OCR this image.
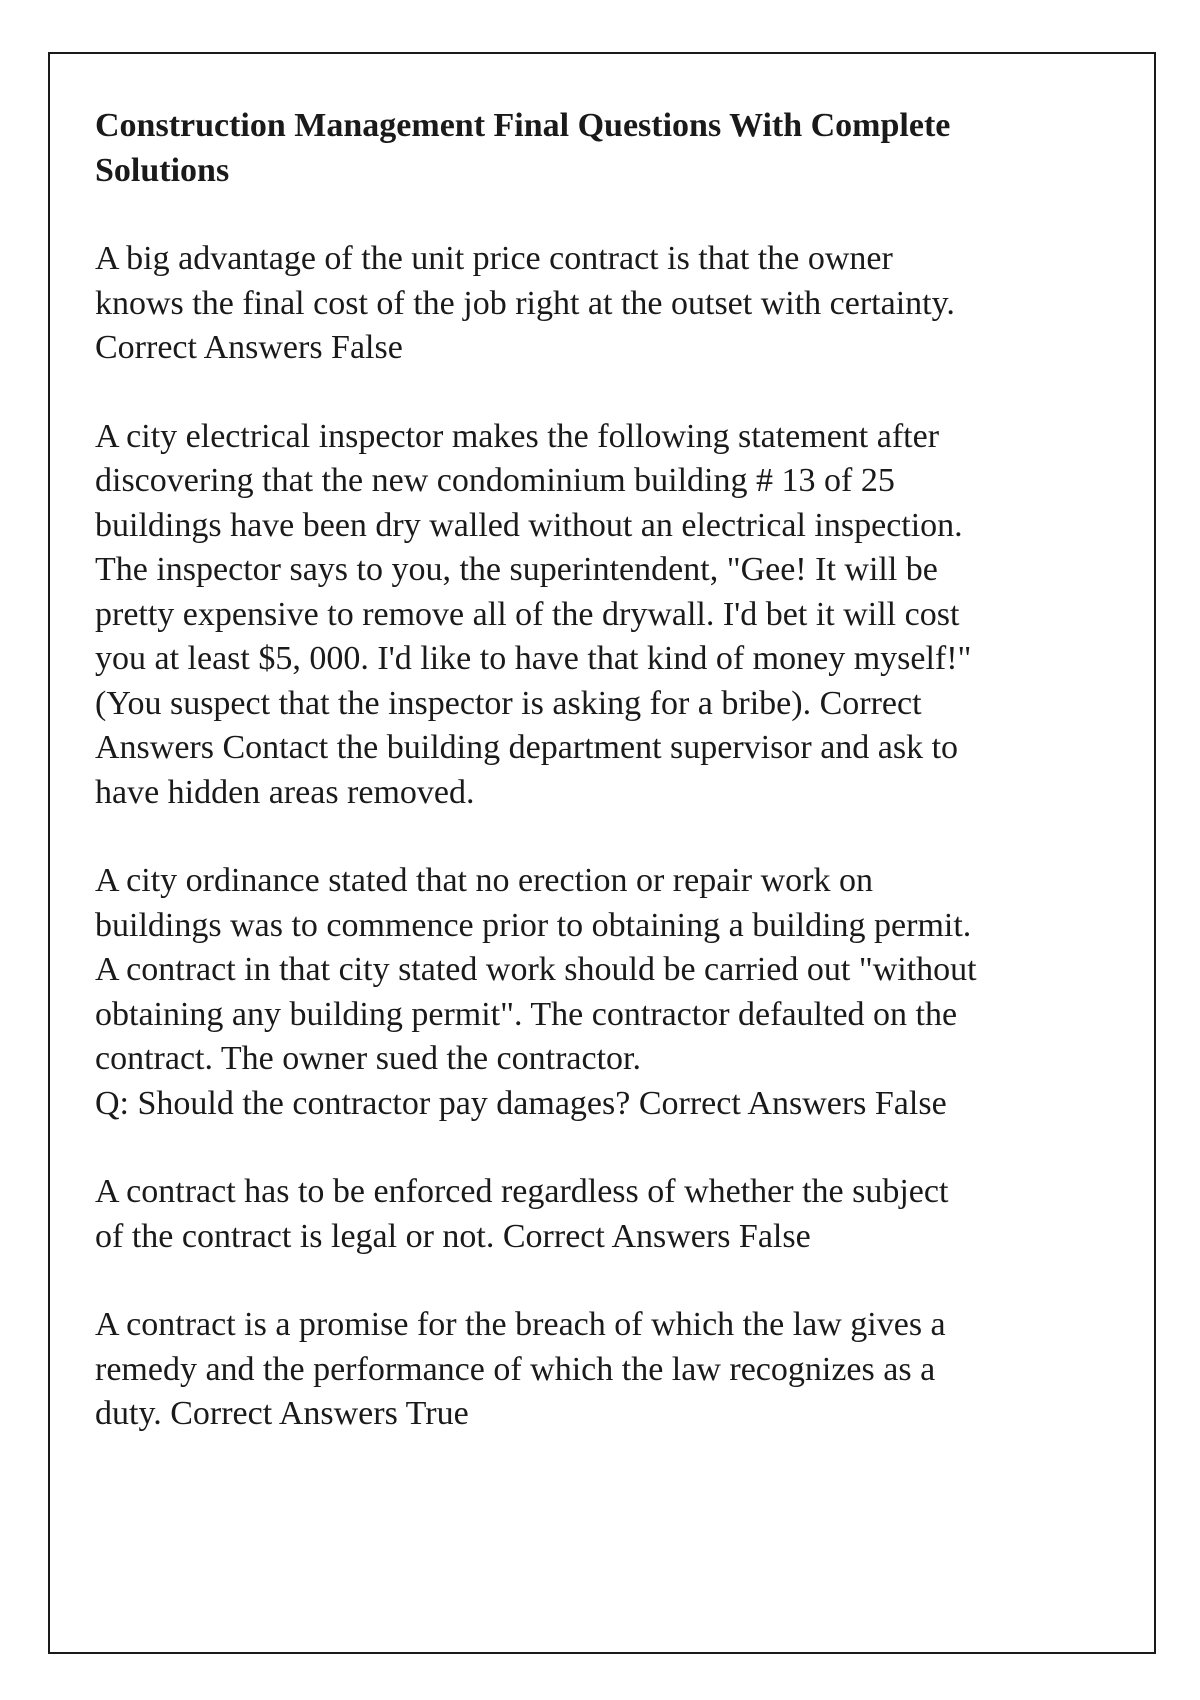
Construction Management Final Questions With Complete
Solutions
A big advantage of the unit price contract is that the owner
knows the final cost of the job right at the outset with certainty.
Correct Answers False
A city electrical inspector makes the following statement after
discovering that the new condominium building # 13 of 25
buildings have been dry walled without an electrical inspection.
The inspector says to you, the superintendent, "Gee! It will be
pretty expensive to remove all of the drywall. I'd bet it will cost
you at least $5, 000. I'd like to have that kind of money myself!"
(You suspect that the inspector is asking for a bribe). Correct
Answers Contact the building department supervisor and ask to
have hidden areas removed.
A city ordinance stated that no erection or repair work on
buildings was to commence prior to obtaining a building permit.
A contract in that city stated work should be carried out "without
obtaining any building permit". The contractor defaulted on the
contract. The owner sued the contractor.
Q: Should the contractor pay damages? Correct Answers False
A contract has to be enforced regardless of whether the subject
of the contract is legal or not. Correct Answers False
A contract is a promise for the breach of which the law gives a
remedy and the performance of which the law recognizes as a
duty. Correct Answers True
